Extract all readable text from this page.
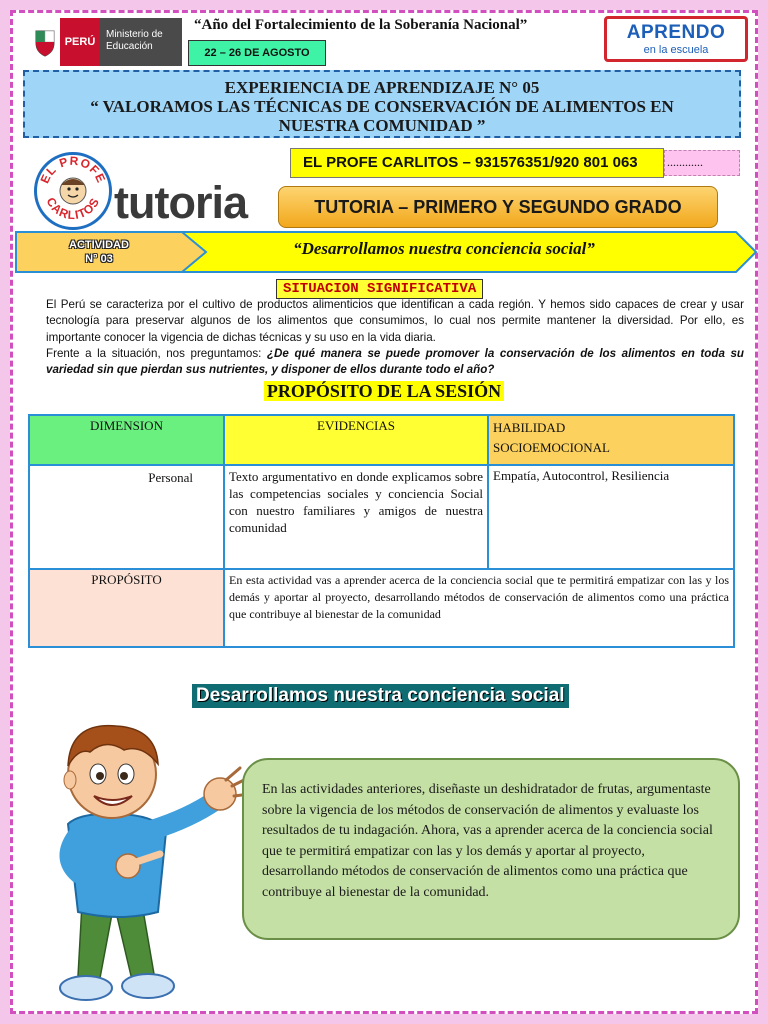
PERÚ
Ministerio de Educación
“Año del Fortalecimiento de la Soberanía Nacional”
22 – 26 DE AGOSTO
APRENDO
en la escuela
EXPERIENCIA DE APRENDIZAJE N° 05
“ VALORAMOS LAS TÉCNICAS DE CONSERVACIÓN DE ALIMENTOS EN
NUESTRA COMUNIDAD ”
EL PROFE
CARLITOS tutoria
EL PROFE CARLITOS – 931576351/920 801 063	............
TUTORIA – PRIMERO Y SEGUNDO GRADO
ACTIVIDAD
N° 03
“Desarrollamos nuestra conciencia social”
SITUACION SIGNIFICATIVA

El Perú se caracteriza por el cultivo de productos alimenticios que identifican a cada región. Y hemos sido capaces de crear y usar tecnología para preservar algunos de los alimentos que consumimos, lo cual nos permite mantener la diversidad. Por ello, es importante conocer la vigencia de dichas técnicas y su uso en la vida diaria.

Frente a la situación, nos preguntamos: ¿De qué manera se puede promover la conservación de los alimentos en toda su variedad sin que pierdan sus nutrientes, y disponer de ellos durante todo el año?

PROPÓSITO DE LA SESIÓN
DIMENSION	EVIDENCIAS	HABILIDAD
SOCIOEMOCIONAL

Personal	Texto argumentativo en donde explicamos sobre las competencias sociales y conciencia Social con nuestro familiares y amigos de nuestra comunidad	Empatía, Autocontrol, Resiliencia
PROPÓSITO	En esta actividad vas a aprender acerca de la conciencia social que te permitirá empatizar con las y los demás y aportar al proyecto, desarrollando métodos de conservación de alimentos como una práctica que contribuye al bienestar de la comunidad	
Desarrollamos nuestra conciencia social
En las actividades anteriores, diseñaste un deshidratador de frutas, argumentaste sobre la vigencia de los métodos de conservación de alimentos y evaluaste los resultados de tu indagación. Ahora, vas a aprender acerca de la conciencia social que te permitirá empatizar con las y los demás y aportar al proyecto, desarrollando métodos de conservación de alimentos como una práctica que contribuye al bienestar de la comunidad.
